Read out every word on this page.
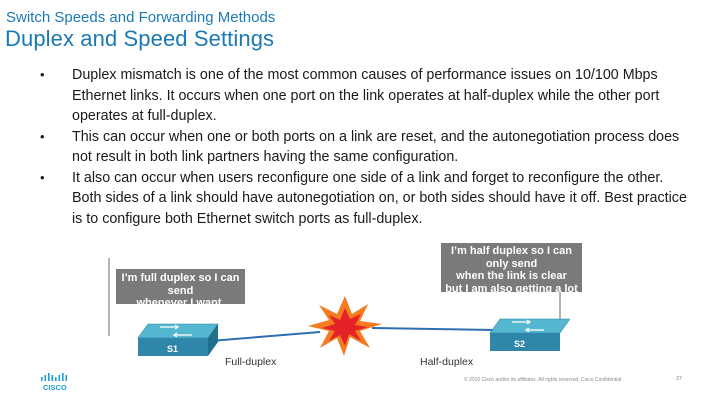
Switch Speeds and Forwarding Methods
Duplex and Speed Settings
• Duplex mismatch is one of the most common causes of performance issues on 10/100 Mbps Ethernet links. It occurs when one port on the link operates at half-duplex while the other port operates at full-duplex.
• This can occur when one or both ports on a link are reset, and the autonegotiation process does not result in both link partners having the same configuration.
• It also can occur when users reconfigure one side of a link and forget to reconfigure the other. Both sides of a link should have autonegotiation on, or both sides should have it off. Best practice is to configure both Ethernet switch ports as full-duplex.
S1	S2
Full-duplex	Half-duplex
I’m full duplex so I can send
whenever I want.
I’m half duplex so I can only send
when the link is clear
but I am also getting a lot of
collisions!
CISCO
© 2016 Cisco and/or its affiliates. All rights reserved. Cisco Confidential	37
